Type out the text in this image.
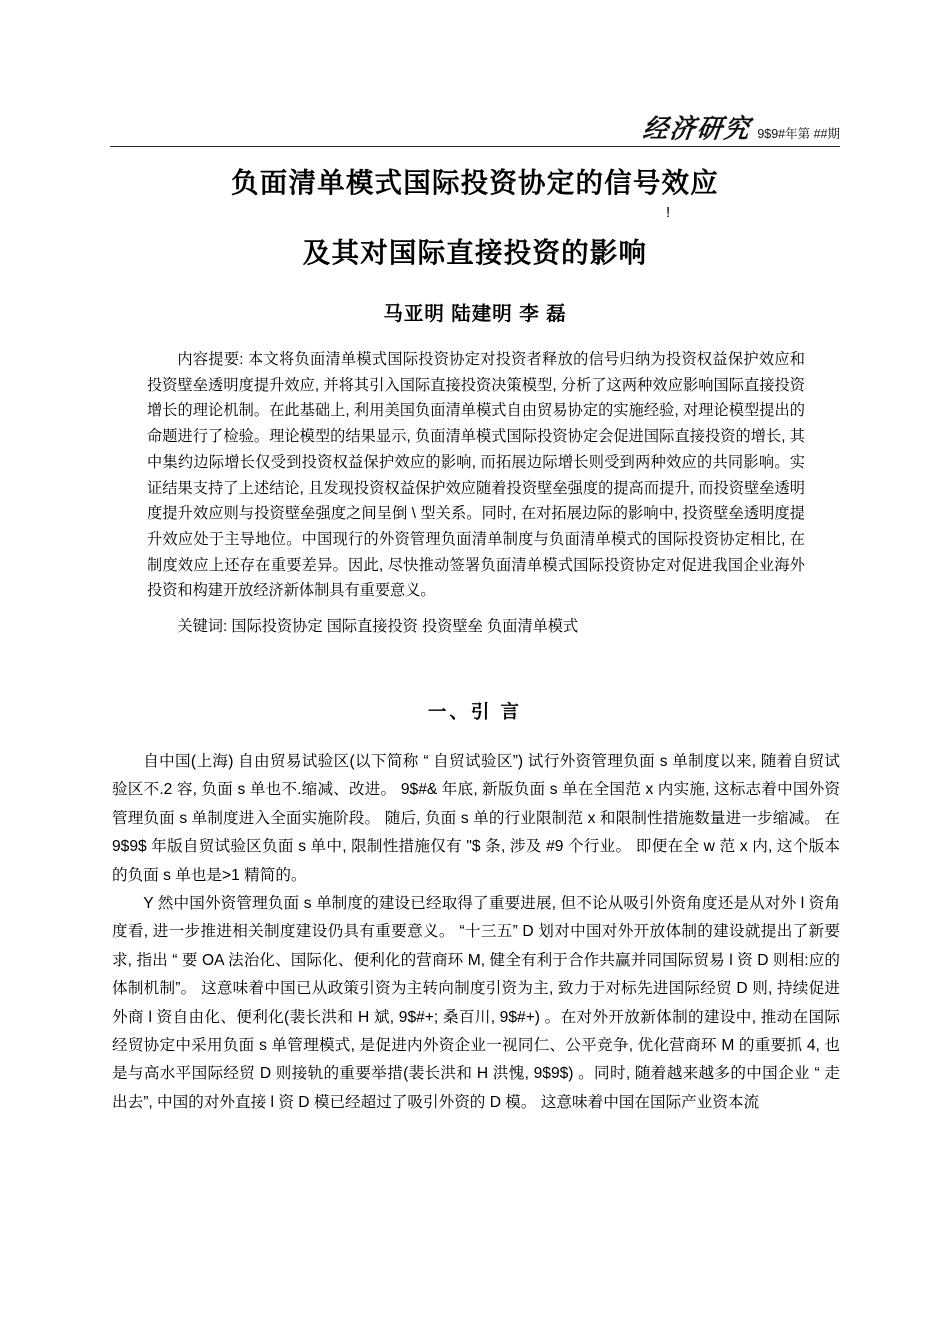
经济研究 9$9#年第 ##期
负面清单模式国际投资协定的信号效应
!
及其对国际直接投资的影响
马亚明 陆建明 李 磊

内容提要: 本文将负面清单模式国际投资协定对投资者释放的信号归纳为投资权益保护效应和投资壁垒透明度提升效应, 并将其引入国际直接投资决策模型, 分析了这两种效应影响国际直接投资增长的理论机制。在此基础上, 利用美国负面清单模式自由贸易协定的实施经验, 对理论模型提出的命题进行了检验。理论模型的结果显示, 负面清单模式国际投资协定会促进国际直接投资的增长, 其中集约边际增长仅受到投资权益保护效应的影响, 而拓展边际增长则受到两种效应的共同影响。实证结果支持了上述结论, 且发现投资权益保护效应随着投资壁垒强度的提高而提升, 而投资壁垒透明度提升效应则与投资壁垒强度之间呈倒 \ 型关系。同时, 在对拓展边际的影响中, 投资壁垒透明度提升效应处于主导地位。中国现行的外资管理负面清单制度与负面清单模式的国际投资协定相比, 在制度效应上还存在重要差异。因此, 尽快推动签署负面清单模式国际投资协定对促进我国企业海外投资和构建开放经济新体制具有重要意义。

关键词: 国际投资协定 国际直接投资 投资壁垒 负面清单模式

一、引 言

自中国(上海) 自由贸易试验区(以下简称 “ 自贸试验区”) 试行外资管理负面 s 单制度以来, 随着自贸试验区不.2 容, 负面 s 单也不.缩减、改进。 9$#& 年底, 新版负面 s 单在全国范 x 内实施, 这标志着中国外资管理负面 s 单制度进入全面实施阶段。 随后, 负面 s 单的行业限制范 x 和限制性措施数量进一步缩减。 在 9$9$ 年版自贸试验区负面 s 单中, 限制性措施仅有 "$ 条, 涉及 #9 个行业。 即便在全 w 范 x 内, 这个版本的负面 s 单也是>1 精简的。

Y 然中国外资管理负面 s 单制度的建设已经取得了重要进展, 但不论从吸引外资角度还是从对外 l 资角度看, 进一步推进相关制度建设仍具有重要意义。 “十三五” D 划对中国对外开放体制的建设就提出了新要求, 指出 “ 要 OA 法治化、国际化、便利化的营商环 M, 健全有利于合作共赢并同国际贸易 l 资 D 则相:应的体制机制”。 这意味着中国已从政策引资为主转向制度引资为主, 致力于对标先进国际经贸 D 则, 持续促进外商 l 资自由化、便利化(裴长洪和 H 斌, 9$#+; 桑百川, 9$#+) 。在对外开放新体制的建设中, 推动在国际经贸协定中采用负面 s 单管理模式, 是促进内外资企业一视同仁、公平竞争, 优化营商环 M 的重要抓 4, 也是与高水平国际经贸 D 则接轨的重要举措(裴长洪和 H 洪愧, 9$9$) 。同时, 随着越来越多的中国企业 “ 走出去”, 中国的对外直接 l 资 D 模已经超过了吸引外资的 D 模。 这意味着中国在国际产业资本流
